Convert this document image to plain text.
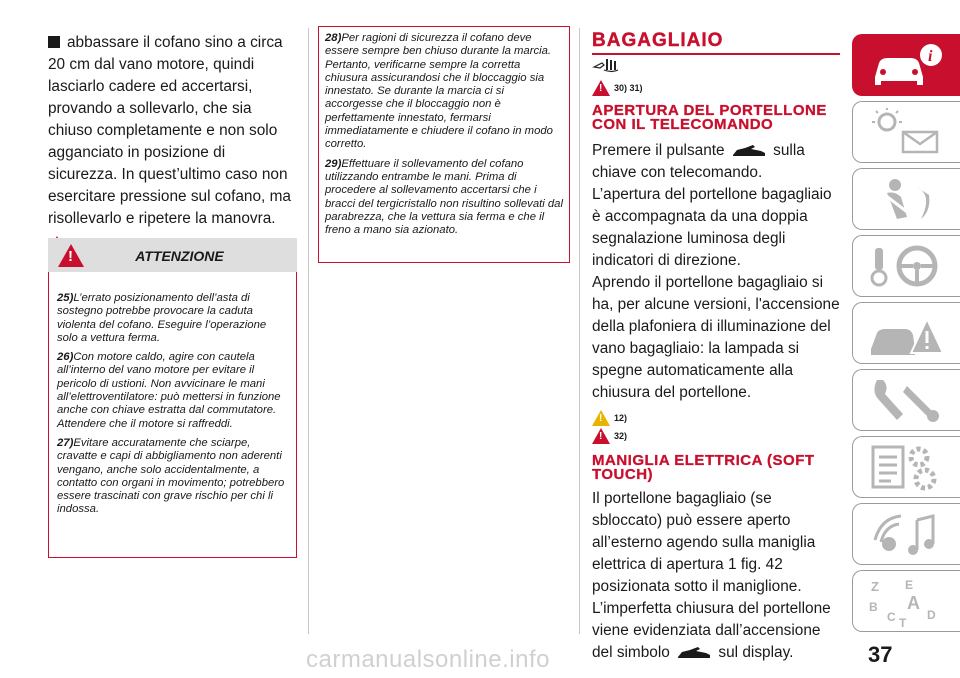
abbassare il cofano sino a circa 20 cm dal vano motore, quindi lasciarlo cadere ed accertarsi, provando a sollevarlo, che sia chiuso completamente e non solo agganciato in posizione di sicurezza. In quest’ultimo caso non esercitare pressione sul cofano, ma risollevarlo e ripetere la manovra.

!
!
ATTENZIONE

25)L’errato posizionamento dell’asta di sostegno potrebbe provocare la caduta violenta del cofano. Eseguire l’operazione solo a vettura ferma.

26)Con motore caldo, agire con cautela all’interno del vano motore per evitare il pericolo di ustioni. Non avvicinare le mani all’elettroventilatore: può mettersi in funzione anche con chiave estratta dal commutatore. Attendere che il motore si raffreddi.

27)Evitare accuratamente che sciarpe, cravatte e capi di abbigliamento non aderenti vengano, anche solo accidentalmente, a contatto con organi in movimento; potrebbero essere trascinati con grave rischio per chi li indossa.

28)Per ragioni di sicurezza il cofano deve essere sempre ben chiuso durante la marcia. Pertanto, verificarne sempre la corretta chiusura assicurandosi che il bloccaggio sia innestato. Se durante la marcia ci si accorgesse che il bloccaggio non è perfettamente innestato, fermarsi immediatamente e chiudere il cofano in modo corretto.

29)Effettuare il sollevamento del cofano utilizzando entrambe le mani. Prima di procedere al sollevamento accertarsi che i bracci del tergicristallo non risultino sollevati dal parabrezza, che la vettura sia ferma e che il freno a mano sia azionato.

BAGAGLIAIO
!
30) 31)
APERTURA DEL PORTELLONE CON IL TELECOMANDO

Premere il pulsante	sulla chiave con telecomando.

L’apertura del portellone bagagliaio è accompagnata da una doppia segnalazione luminosa degli indicatori di direzione.

Aprendo il portellone bagagliaio si ha, per alcune versioni, l'accensione della plafoniera di illuminazione del vano bagagliaio: la lampada si spegne automaticamente alla chiusura del portellone.

!
12)
!
32)
MANIGLIA ELETTRICA (SOFT TOUCH)

Il portellone bagagliaio (se sbloccato) può essere aperto all’esterno agendo sulla maniglia elettrica di apertura 1 fig. 42 posizionata sotto il maniglione.

L’imperfetta chiusura del portellone viene evidenziata dall’accensione del simbolo	sul display.

i
Z E
B
C
A
D
T
37
carmanualsonline.info
